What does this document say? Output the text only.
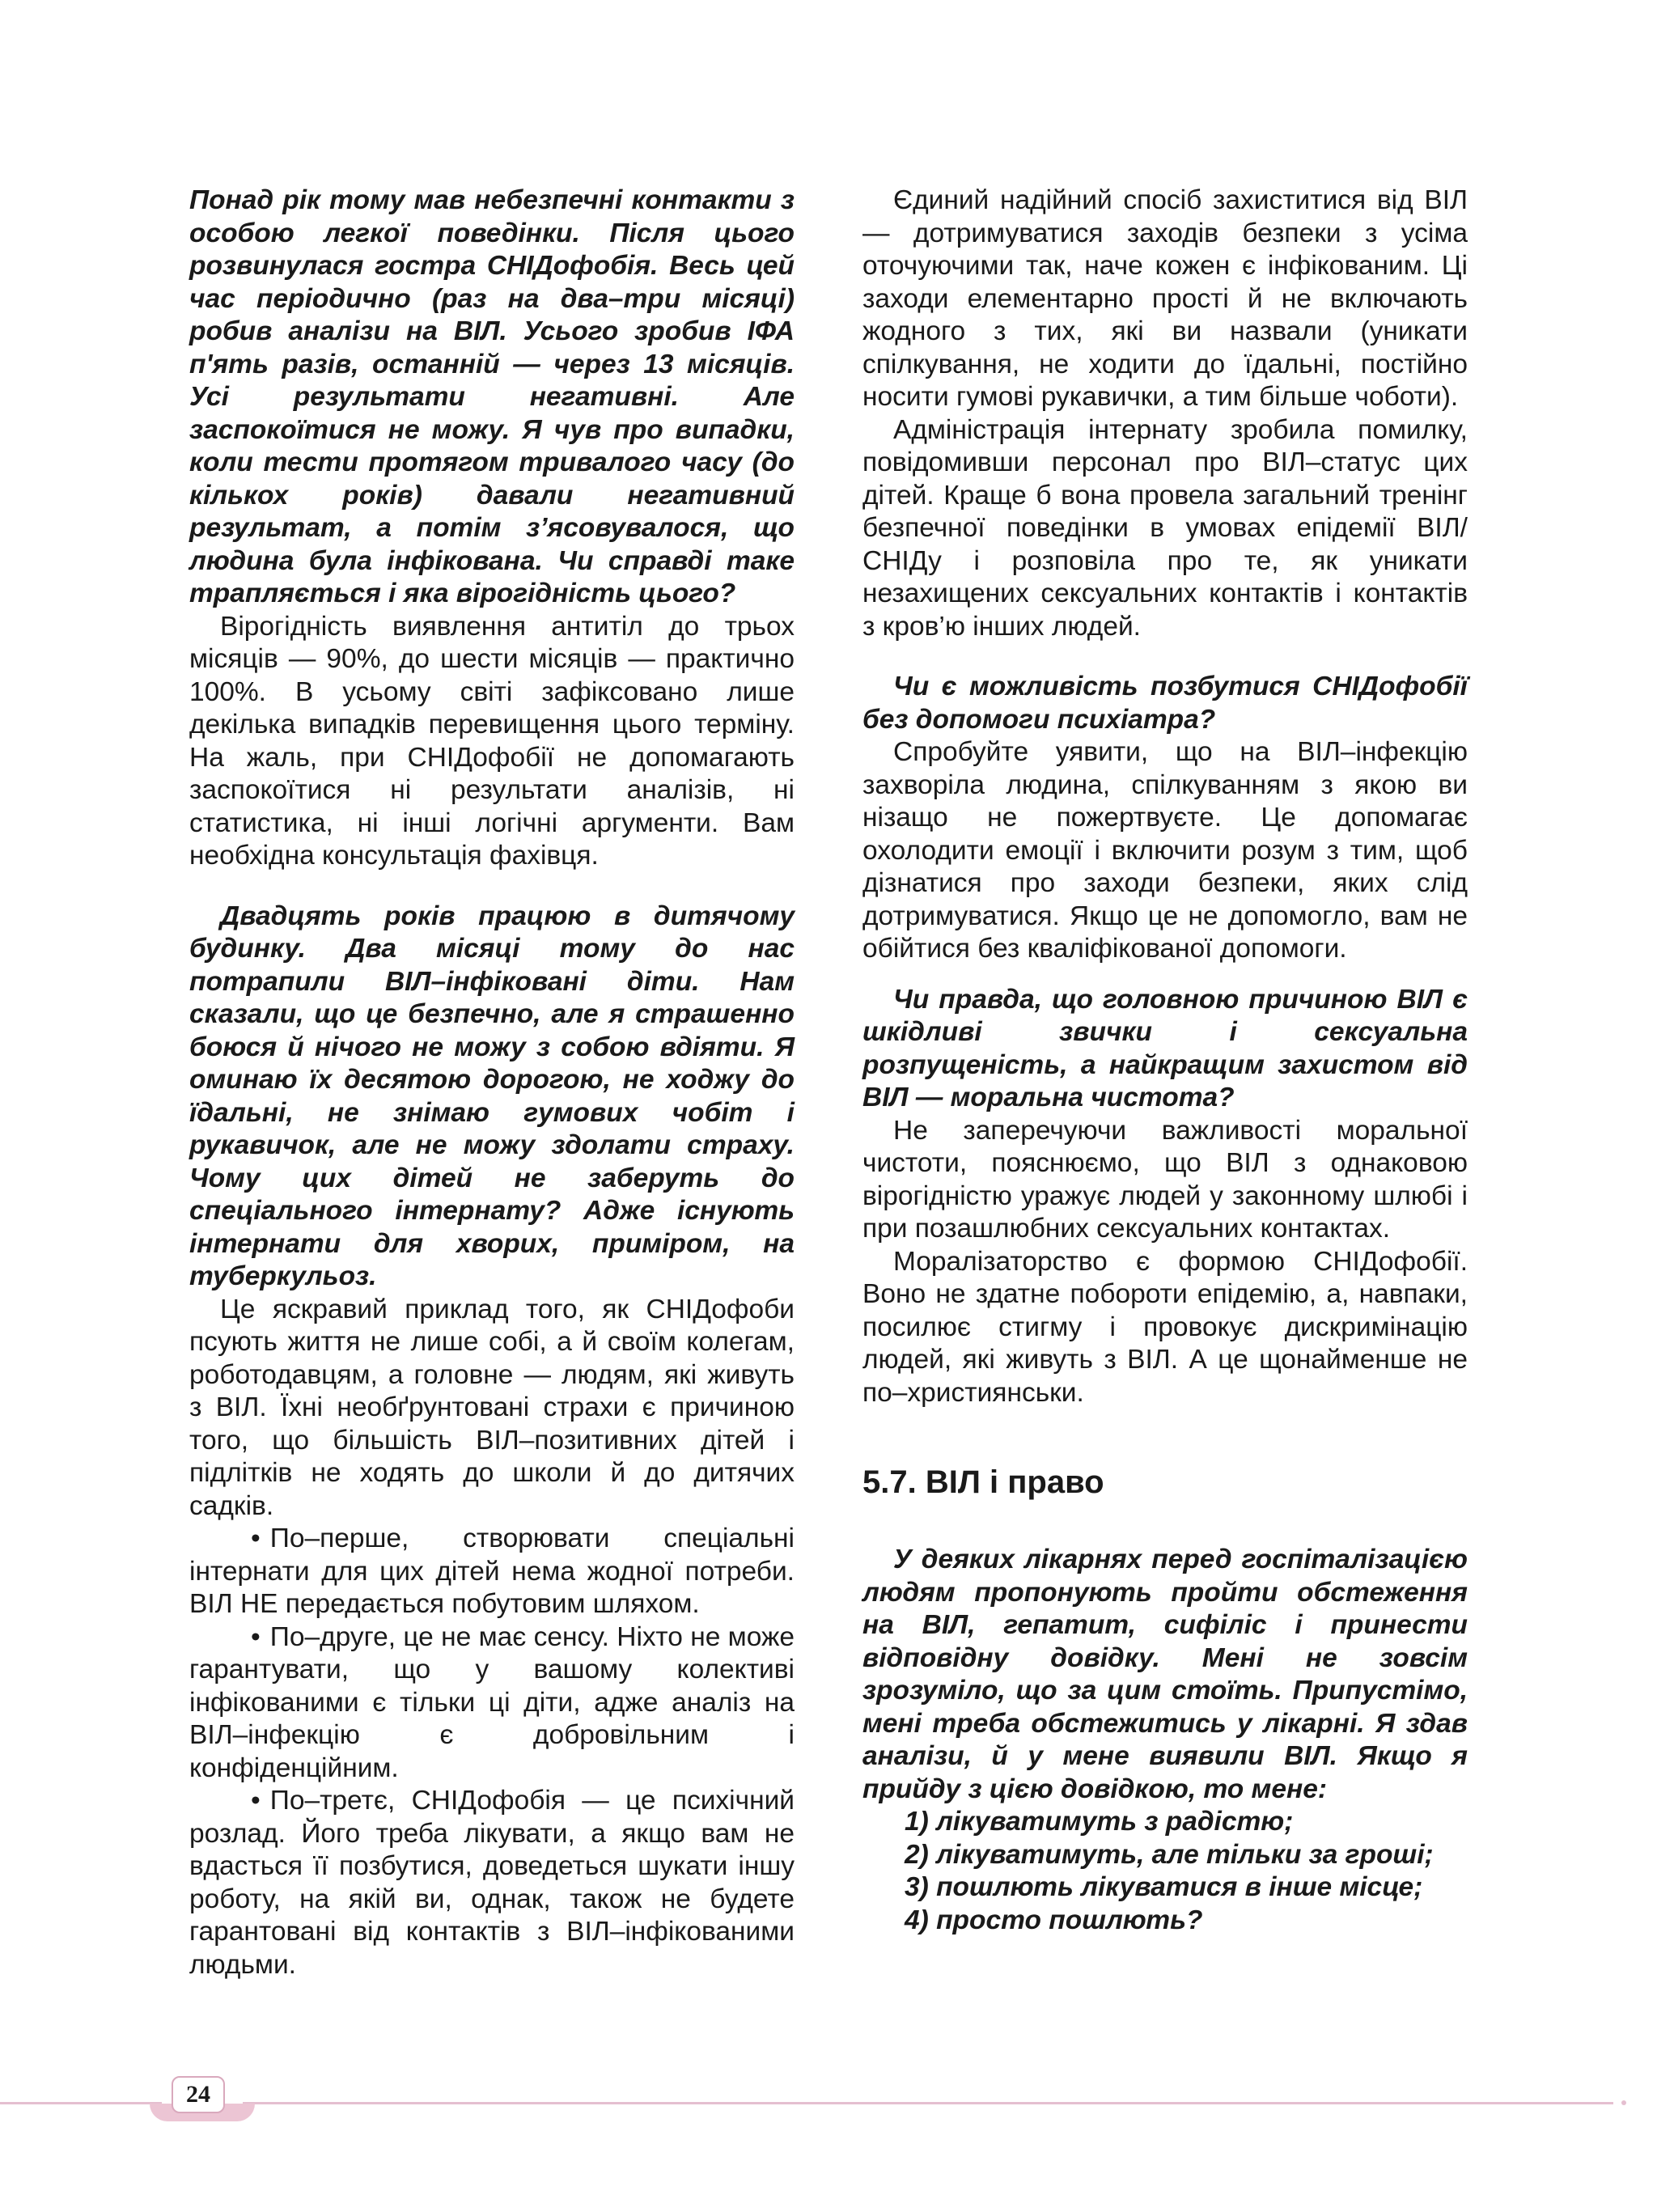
Понад рік тому мав небезпечні контакти з особою легкої поведінки. Після цього розвинулася гостра СНІДофобія. Весь цей час періодично (раз на два–три місяці) робив аналізи на ВІЛ. Усього зробив ІФА п'ять разів, останній — через 13 місяців. Усі результати негативні. Але заспокоїтися не можу. Я чув про випадки, коли тести протягом тривалого часу (до кількох років) давали негативний результат, а потім з’ясовувалося, що людина була інфікована. Чи справді таке трапляється і яка вірогідність цього?

Вірогідність виявлення антитіл до трьох місяців — 90%, до шести місяців — практично 100%. В усьому світі зафіксовано лише декілька випадків перевищення цього терміну. На жаль, при СНІДофобії не допомагають заспокоїтися ні результати аналізів, ні статистика, ні інші логічні аргументи. Вам необхідна консультація фахівця.

Двадцять років працюю в дитячому будинку. Два місяці тому до нас потрапили ВІЛ–інфіковані діти. Нам сказали, що це безпечно, але я страшенно боюся й нічого не можу з собою вдіяти. Я оминаю їх десятою дорогою, не ходжу до їдальні, не знімаю гумових чобіт і рукавичок, але не можу здолати страху. Чому цих дітей не заберуть до спеціального інтернату? Адже існують інтернати для хворих, приміром, на туберкульоз.

Це яскравий приклад того, як СНІДофоби псують життя не лише собі, а й своїм колегам, роботодавцям, а головне — людям, які живуть з ВІЛ. Їхні необґрунтовані страхи є причиною того, що більшість ВІЛ–позитивних дітей і підлітків не ходять до школи й до дитячих садків.

• По–перше, створювати спеціальні інтернати для цих дітей нема жодної потреби. ВІЛ НЕ передається побутовим шляхом.

• По–друге, це не має сенсу. Ніхто не може гарантувати, що у вашому колективі інфікованими є тільки ці діти, адже аналіз на ВІЛ–інфекцію є добровільним і конфіденційним.

• По–третє, СНІДофобія — це психічний розлад. Його треба лікувати, а якщо вам не вдасться її позбутися, доведеться шукати іншу роботу, на якій ви, однак, також не будете гарантовані від контактів з ВІЛ–інфікованими людьми.

Єдиний надійний спосіб захиститися від ВІЛ — дотримуватися заходів безпеки з усіма оточуючими так, наче кожен є інфікованим. Ці заходи елементарно прості й не включають жодного з тих, які ви назвали (уникати спілкування, не ходити до їдальні, постійно носити гумові рукавички, а тим більше чоботи).

Адміністрація інтернату зробила помилку, повідомивши персонал про ВІЛ–статус цих дітей. Краще б вона провела загальний тренінг безпечної поведінки в умовах епідемії ВІЛ/СНІДу і розповіла про те, як уникати незахищених сексуальних контактів і контактів з кров’ю інших людей.

Чи є можливість позбутися СНІДофобії без допомоги психіатра?

Спробуйте уявити, що на ВІЛ–інфекцію захворіла людина, спілкуванням з якою ви нізащо не пожертвуєте. Це допомагає охолодити емоції і включити розум з тим, щоб дізнатися про заходи безпеки, яких слід дотримуватися. Якщо це не допомогло, вам не обійтися без кваліфікованої допомоги.

Чи правда, що головною причиною ВІЛ є шкідливі звички і сексуальна розпущеність, а найкращим захистом від ВІЛ — моральна чистота?

Не заперечуючи важливості моральної чистоти, пояснюємо, що ВІЛ з однаковою вірогідністю уражує людей у законному шлюбі і при позашлюбних сексуальних контактах.

Моралізаторство є формою СНІДофобії. Воно не здатне побороти епідемію, а, навпаки, посилює стигму і провокує дискримінацію людей, які живуть з ВІЛ. А це щонайменше не по–християнськи.

5.7. ВІЛ і право

У деяких лікарнях перед госпіталізацією людям пропонують пройти обстеження на ВІЛ, гепатит, сифіліс і принести відповідну довідку. Мені не зовсім зрозуміло, що за цим стоїть. Припустімо, мені треба обстежитись у лікарні. Я здав аналізи, й у мене виявили ВІЛ. Якщо я прийду з цією довідкою, то мене:

1) лікуватимуть з радістю;

2) лікуватимуть, але тільки за гроші;

3) пошлють лікуватися в інше місце;

4) просто пошлють?

24
